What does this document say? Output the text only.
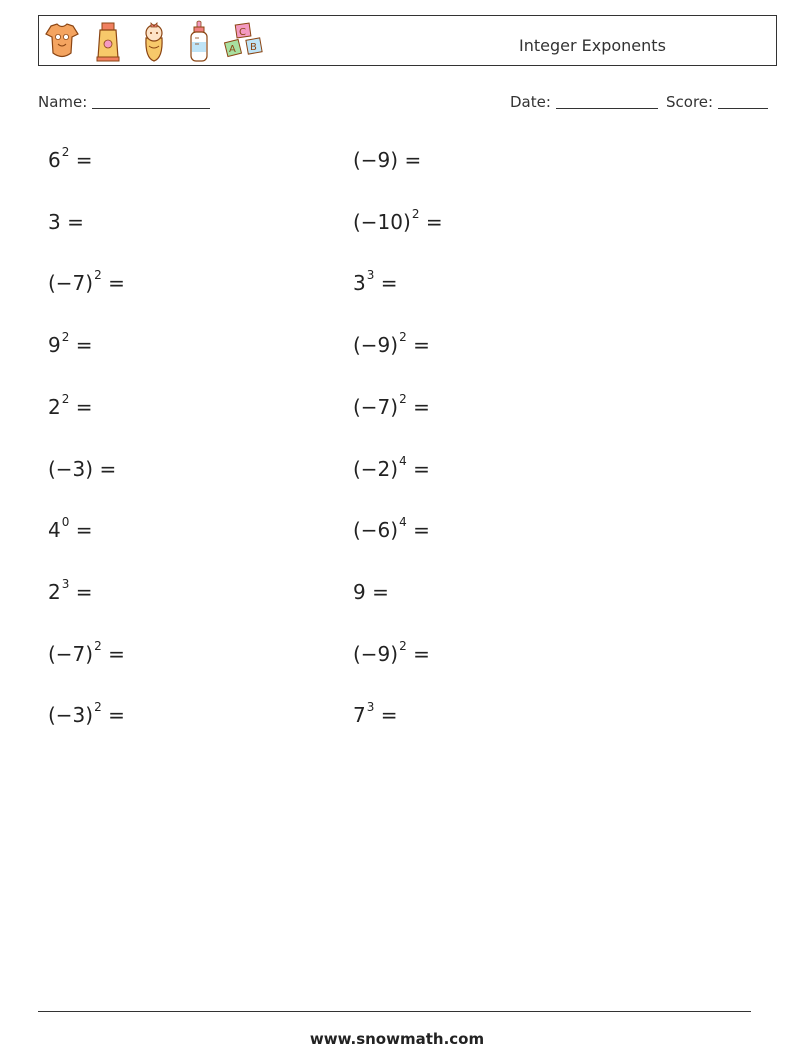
C
A B	Integer Exponents
Name:	Date:	Score:
$6^2$ =
3 =
$(-7)^2$ =
$9^2$ =
$2^2$ =
(−3) =
$4^0$ =
$2^3$ =
$(-7)^2$ =
$(-3)^2$ =
(−9) =
$(-10)^2$ =
$3^3$ =
$(-9)^2$ =
$(-7)^2$ =
$(-2)^4$ =
$(-6)^4$ =
9 =
$(-9)^2$ =
$7^3$ =
www.snowmath.com
